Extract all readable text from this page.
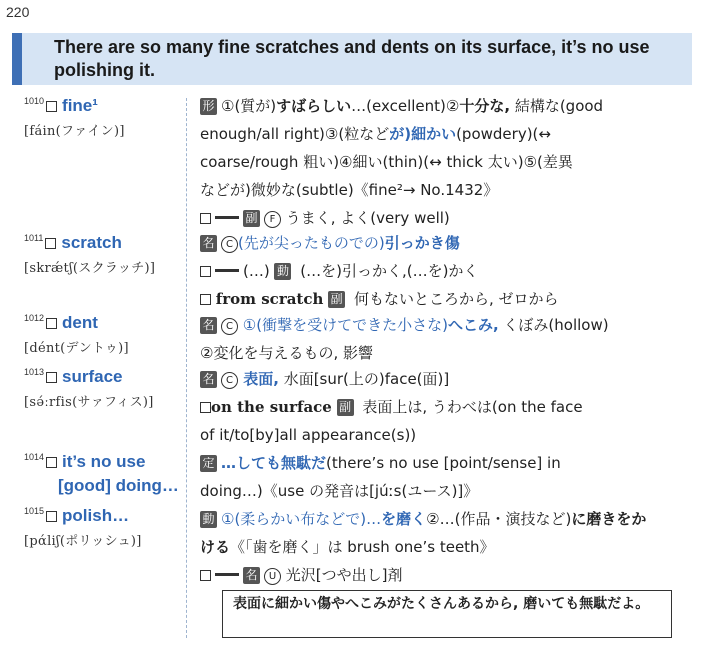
220
There are so many fine scratches and dents on its surface, it’s no use polishing it.
$^{1010}$ fine¹
[fáin(ファイン)]
$^{1011}$ scratch
[skrǽtʃ(スクラッチ)]
$^{1012}$ dent
[dént(デントゥ)]
$^{1013}$ surface
[sə́ːrfis(サァフィス)]
$^{1014}$ it’s no use
[good] doing…
$^{1015}$ polish…
[pάliʃ(ポリッシュ)]
形 ①(質が)すばらしい…(excellent)②十分な, 結構な(good
enough/all right)③(粒などが)細かい(powdery)(↔
coarse/rough 粗い)④細い(thin)(↔ thick 太い)⑤(差異
などが)微妙な(subtle)《fine²→ No.1432》
副 F うまく, よく(very well)
名 C (先が尖ったものでの)引っかき傷
(…) 動 (…を)引っかく,(…を)かく
from scratch 副 何もないところから, ゼロから
名 C ①(衝撃を受けてできた小さな)へこみ, くぼみ(hollow)
②変化を与えるもの, 影響
名 C 表面, 水面[sur(上の)face(面)]
on the surface 副 表面上は, うわべは(on the face
of it/to[by]all appearance(s))
定 …しても無駄だ(there’s no use [point/sense] in
doing…)《use の発音は[júːs(ユース)]》
動 ①(柔らかい布などで)…を磨く②…(作品・演技など)に磨きをか
ける《「歯を磨く」は brush one’s teeth》
名 U 光沢[つや出し]剤
表面に細かい傷やへこみがたくさんあるから, 磨いても無駄だよ。
